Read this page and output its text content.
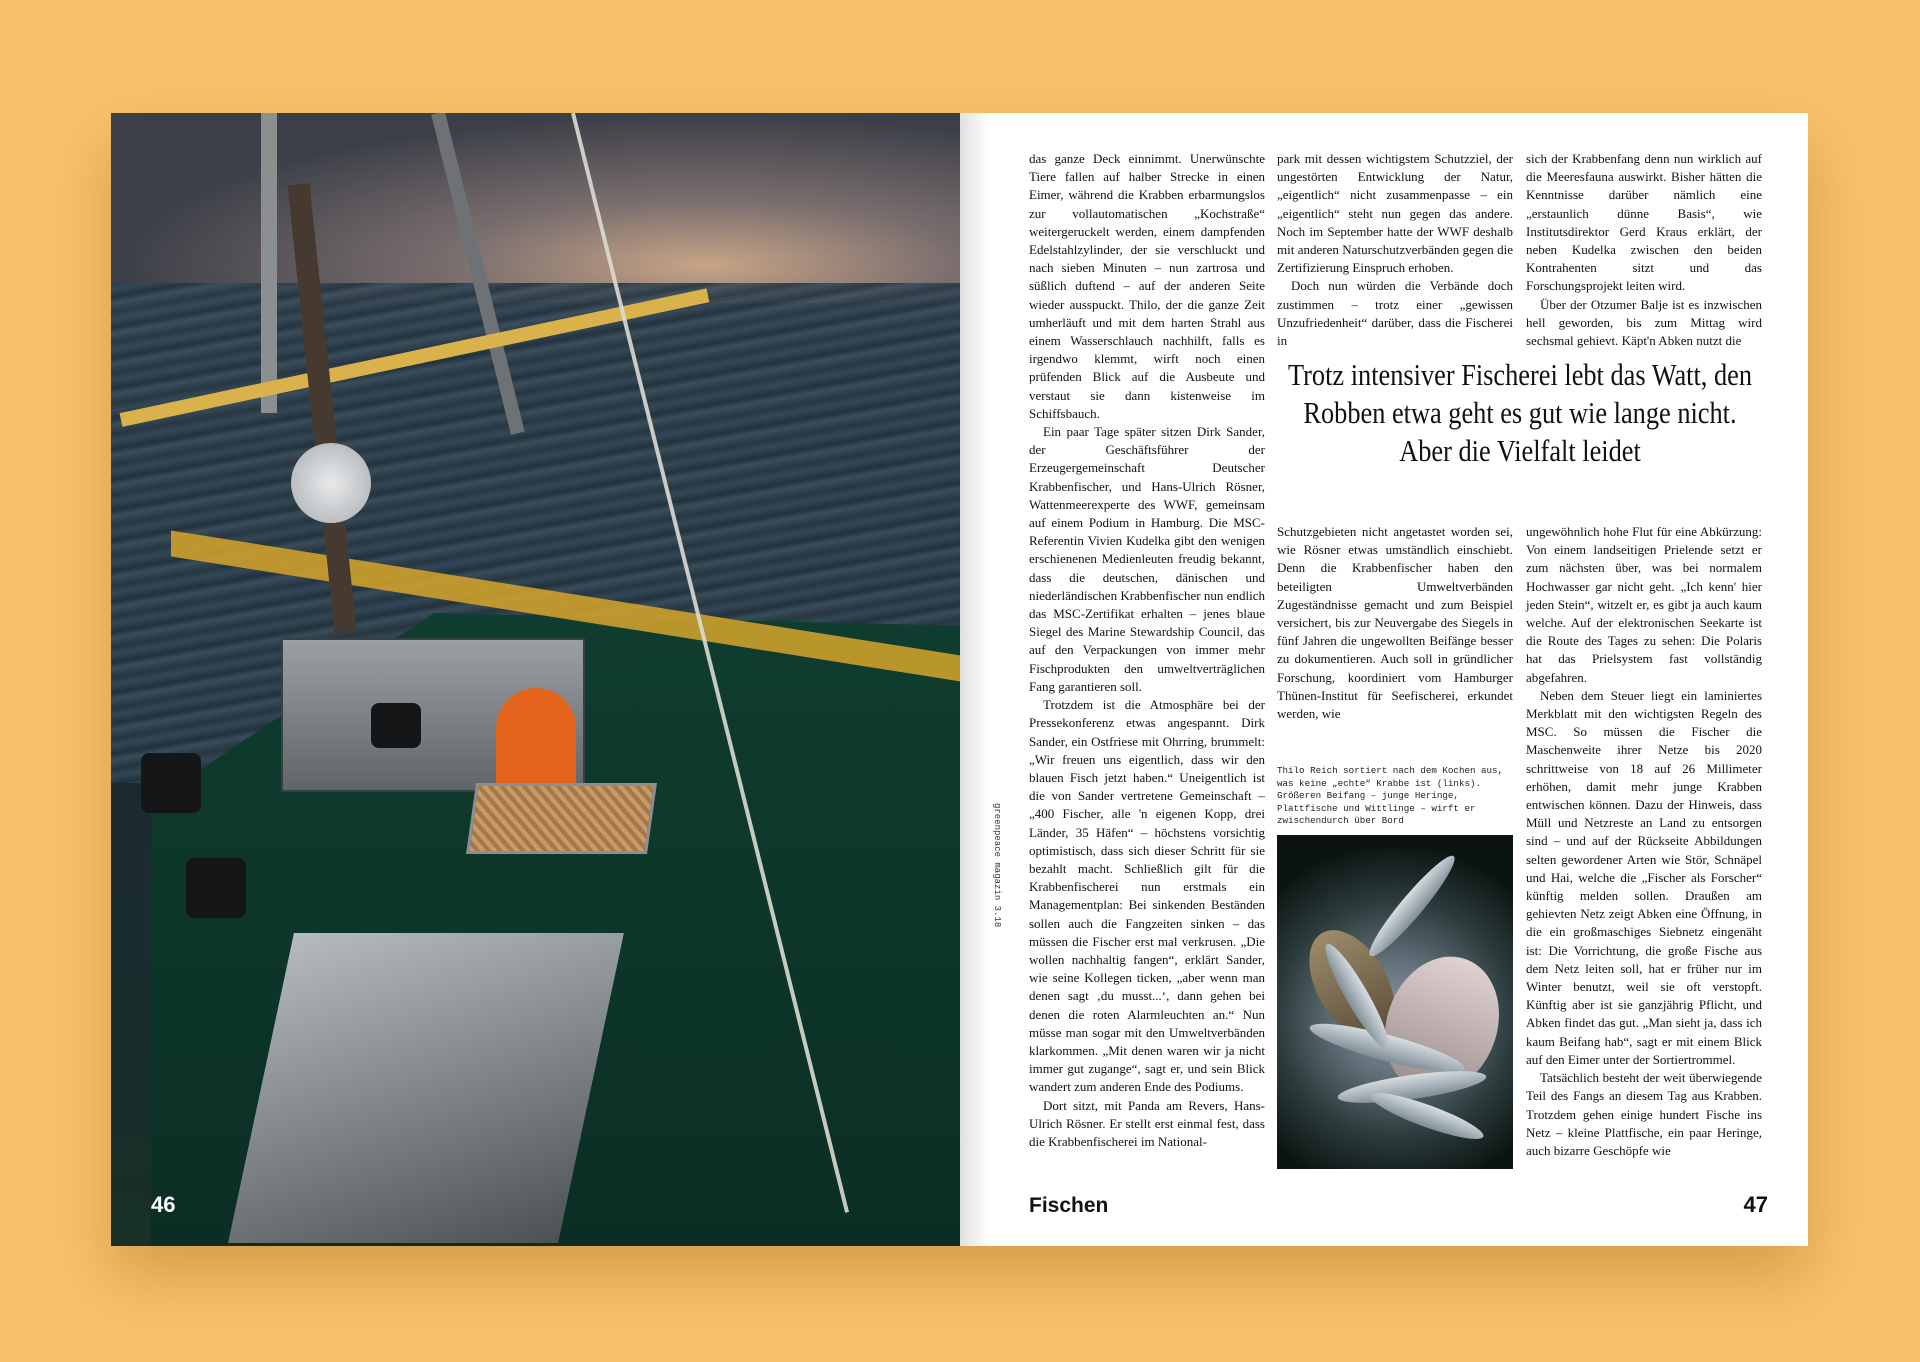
46
greenpeace magazin 3.18

das ganze Deck einnimmt. Unerwünschte Tiere fallen auf halber Strecke in einen Eimer, während die Krabben erbarmungslos zur vollautomatischen „Kochstraße“ weitergeruckelt werden, einem dampfenden Edelstahlzylinder, der sie verschluckt und nach sieben Minuten – nun zartrosa und süßlich duftend – auf der anderen Seite wieder ausspuckt. Thilo, der die ganze Zeit umherläuft und mit dem harten Strahl aus einem Wasserschlauch nachhilft, falls es irgendwo klemmt, wirft noch einen prüfenden Blick auf die Ausbeute und verstaut sie dann kistenweise im Schiffsbauch.

Ein paar Tage später sitzen Dirk Sander, der Geschäftsführer der Erzeugergemeinschaft Deutscher Krabbenfischer, und Hans-Ulrich Rösner, Wattenmeerexperte des WWF, gemeinsam auf einem Podium in Hamburg. Die MSC-Referentin Vivien Kudelka gibt den wenigen erschienenen Medienleuten freudig bekannt, dass die deutschen, dänischen und niederländischen Krabbenfischer nun endlich das MSC-Zertifikat erhalten – jenes blaue Siegel des Marine Stewardship Council, das auf den Verpackungen von immer mehr Fischprodukten den umweltverträglichen Fang garantieren soll.

Trotzdem ist die Atmosphäre bei der Pressekonferenz etwas angespannt. Dirk Sander, ein Ostfriese mit Ohrring, brummelt: „Wir freuen uns eigentlich, dass wir den blauen Fisch jetzt haben.“ Uneigentlich ist die von Sander vertretene Gemeinschaft – „400 Fischer, alle 'n eigenen Kopp, drei Länder, 35 Häfen“ – höchstens vorsichtig optimistisch, dass sich dieser Schritt für sie bezahlt macht. Schließlich gilt für die Krabbenfischerei nun erstmals ein Managementplan: Bei sinkenden Beständen sollen auch die Fangzeiten sinken – das müssen die Fischer erst mal verkrusen. „Die wollen nachhaltig fangen“, erklärt Sander, wie seine Kollegen ticken, „aber wenn man denen sagt ‚du musst...‘, dann gehen bei denen die roten Alarmleuchten an.“ Nun müsse man sogar mit den Umweltverbänden klarkommen. „Mit denen waren wir ja nicht immer gut zugange“, sagt er, und sein Blick wandert zum anderen Ende des Podiums.

Dort sitzt, mit Panda am Revers, Hans-Ulrich Rösner. Er stellt erst einmal fest, dass die Krabbenfischerei im National-

park mit dessen wichtigstem Schutzziel, der ungestörten Entwicklung der Natur, „eigentlich“ nicht zusammenpasse – ein „eigentlich“ steht nun gegen das andere. Noch im September hatte der WWF deshalb mit anderen Naturschutzverbänden gegen die Zertifizierung Einspruch erhoben.

Doch nun würden die Verbände doch zustimmen – trotz einer „gewissen Unzufriedenheit“ darüber, dass die Fischerei in

sich der Krabbenfang denn nun wirklich auf die Meeresfauna auswirkt. Bisher hätten die Kenntnisse darüber nämlich eine „erstaunlich dünne Basis“, wie Institutsdirektor Gerd Kraus erklärt, der neben Kudelka zwischen den beiden Kontrahenten sitzt und das Forschungsprojekt leiten wird.

Über der Otzumer Balje ist es inzwischen hell geworden, bis zum Mittag wird sechsmal gehievt. Käpt'n Abken nutzt die

Trotz intensiver Fischerei lebt das Watt, den Robben etwa geht es gut wie lange nicht. Aber die Vielfalt leidet

Schutzgebieten nicht angetastet worden sei, wie Rösner etwas umständlich einschiebt. Denn die Krabbenfischer haben den beteiligten Umweltverbänden Zugeständnisse gemacht und zum Beispiel versichert, bis zur Neuvergabe des Siegels in fünf Jahren die ungewollten Beifänge besser zu dokumentieren. Auch soll in gründlicher Forschung, koordiniert vom Hamburger Thünen-Institut für Seefischerei, erkundet werden, wie

Thilo Reich sortiert nach dem Kochen aus, was keine „echte“ Krabbe ist (links). Größeren Beifang – junge Heringe, Plattfische und Wittlinge – wirft er zwischendurch über Bord

ungewöhnlich hohe Flut für eine Abkürzung: Von einem landseitigen Prielende setzt er zum nächsten über, was bei normalem Hochwasser gar nicht geht. „Ich kenn' hier jeden Stein“, witzelt er, es gibt ja auch kaum welche. Auf der elektronischen Seekarte ist die Route des Tages zu sehen: Die Polaris hat das Prielsystem fast vollständig abgefahren.

Neben dem Steuer liegt ein laminiertes Merkblatt mit den wichtigsten Regeln des MSC. So müssen die Fischer die Maschenweite ihrer Netze bis 2020 schrittweise von 18 auf 26 Millimeter erhöhen, damit mehr junge Krabben entwischen können. Dazu der Hinweis, dass Müll und Netzreste an Land zu entsorgen sind – und auf der Rückseite Abbildungen selten gewordener Arten wie Stör, Schnäpel und Hai, welche die „Fischer als Forscher“ künftig melden sollen. Draußen am gehievten Netz zeigt Abken eine Öffnung, in die ein großmaschiges Siebnetz eingenäht ist: Die Vorrichtung, die große Fische aus dem Netz leiten soll, hat er früher nur im Winter benutzt, weil sie oft verstopft. Künftig aber ist sie ganzjährig Pflicht, und Abken findet das gut. „Man sieht ja, dass ich kaum Beifang hab“, sagt er mit einem Blick auf den Eimer unter der Sortiertrommel.

Tatsächlich besteht der weit überwiegende Teil des Fangs an diesem Tag aus Krabben. Trotzdem gehen einige hundert Fische ins Netz – kleine Plattfische, ein paar Heringe, auch bizarre Geschöpfe wie

Fischen	47
